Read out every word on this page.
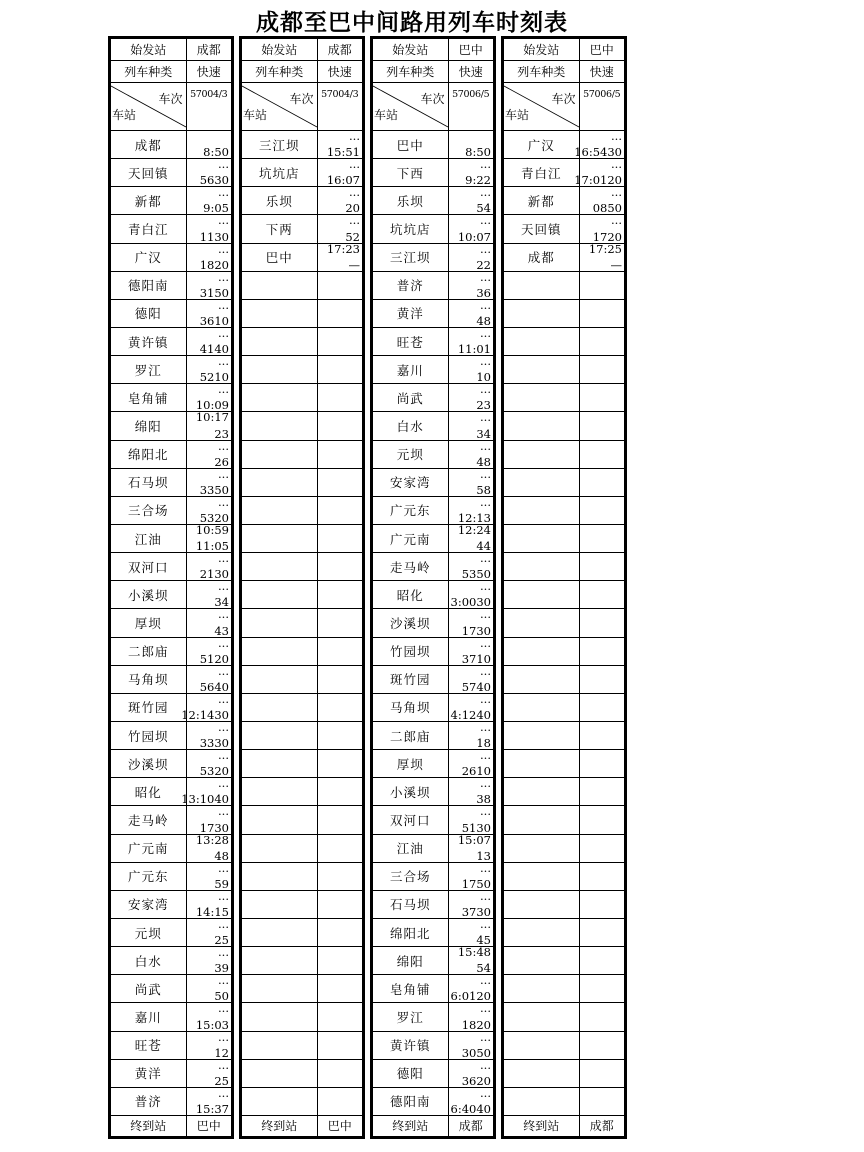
成都至巴中间路用列车时刻表
始发站	成都
列车种类	快速

车次
车站	57004/3
成都	8:50

天回镇	...
5630

新都	...
9:05

青白江	...
1130

广汉	...
1820

德阳南	...
3150

德阳	...
3610

黄许镇	...
4140

罗江	...
5210

皂角铺	...
10:09

绵阳	10:17
23

绵阳北	...
26

石马坝	...
3350

三合场	...
5320

江油	10:59
11:05

双河口	...
2130

小溪坝	...
34

厚坝	...
43

二郎庙	...
5120

马角坝	...
5640

斑竹园	...
12:1430

竹园坝	...
3330

沙溪坝	...
5320

昭化	...
13:1040

走马岭	...
1730

广元南	13:28
48

广元东	...
59

安家湾	...
14:15

元坝	...
25

白水	...
39

尚武	...
50

嘉川	...
15:03

旺苍	...
12

黄洋	...
25

普济	...
15:37

终到站	巴中
始发站	成都
列车种类	快速

车次
车站	57004/3
三江坝	...
15:51

坑坑店	...
16:07

乐坝	...
20

下两	...
52

巴中	17:23
—

终到站	巴中
始发站	巴中
列车种类	快速

车次
车站	57006/5
巴中	8:50

下西	...
9:22

乐坝	...
54

坑坑店	...
10:07

三江坝	...
22

普济	...
36

黄洋	...
48

旺苍	...
11:01

嘉川	...
10

尚武	...
23

白水	...
34

元坝	...
48

安家湾	...
58

广元东	...
12:13

广元南	12:24
44

走马岭	...
5350

昭化	...
3:0030

沙溪坝	...
1730

竹园坝	...
3710

斑竹园	...
5740

马角坝	...
4:1240

二郎庙	...
18

厚坝	...
2610

小溪坝	...
38

双河口	...
5130

江油	15:07
13

三合场	...
1750

石马坝	...
3730

绵阳北	...
45

绵阳	15:48
54

皂角铺	...
6:0120

罗江	...
1820

黄许镇	...
3050

德阳	...
3620

德阳南	...
6:4040

终到站	成都
始发站	巴中
列车种类	快速

车次
车站	57006/5
广汉	...
16:5430

青白江	...
17:0120

新都	...
0850

天回镇	...
1720

成都	17:25
—

终到站	成都
